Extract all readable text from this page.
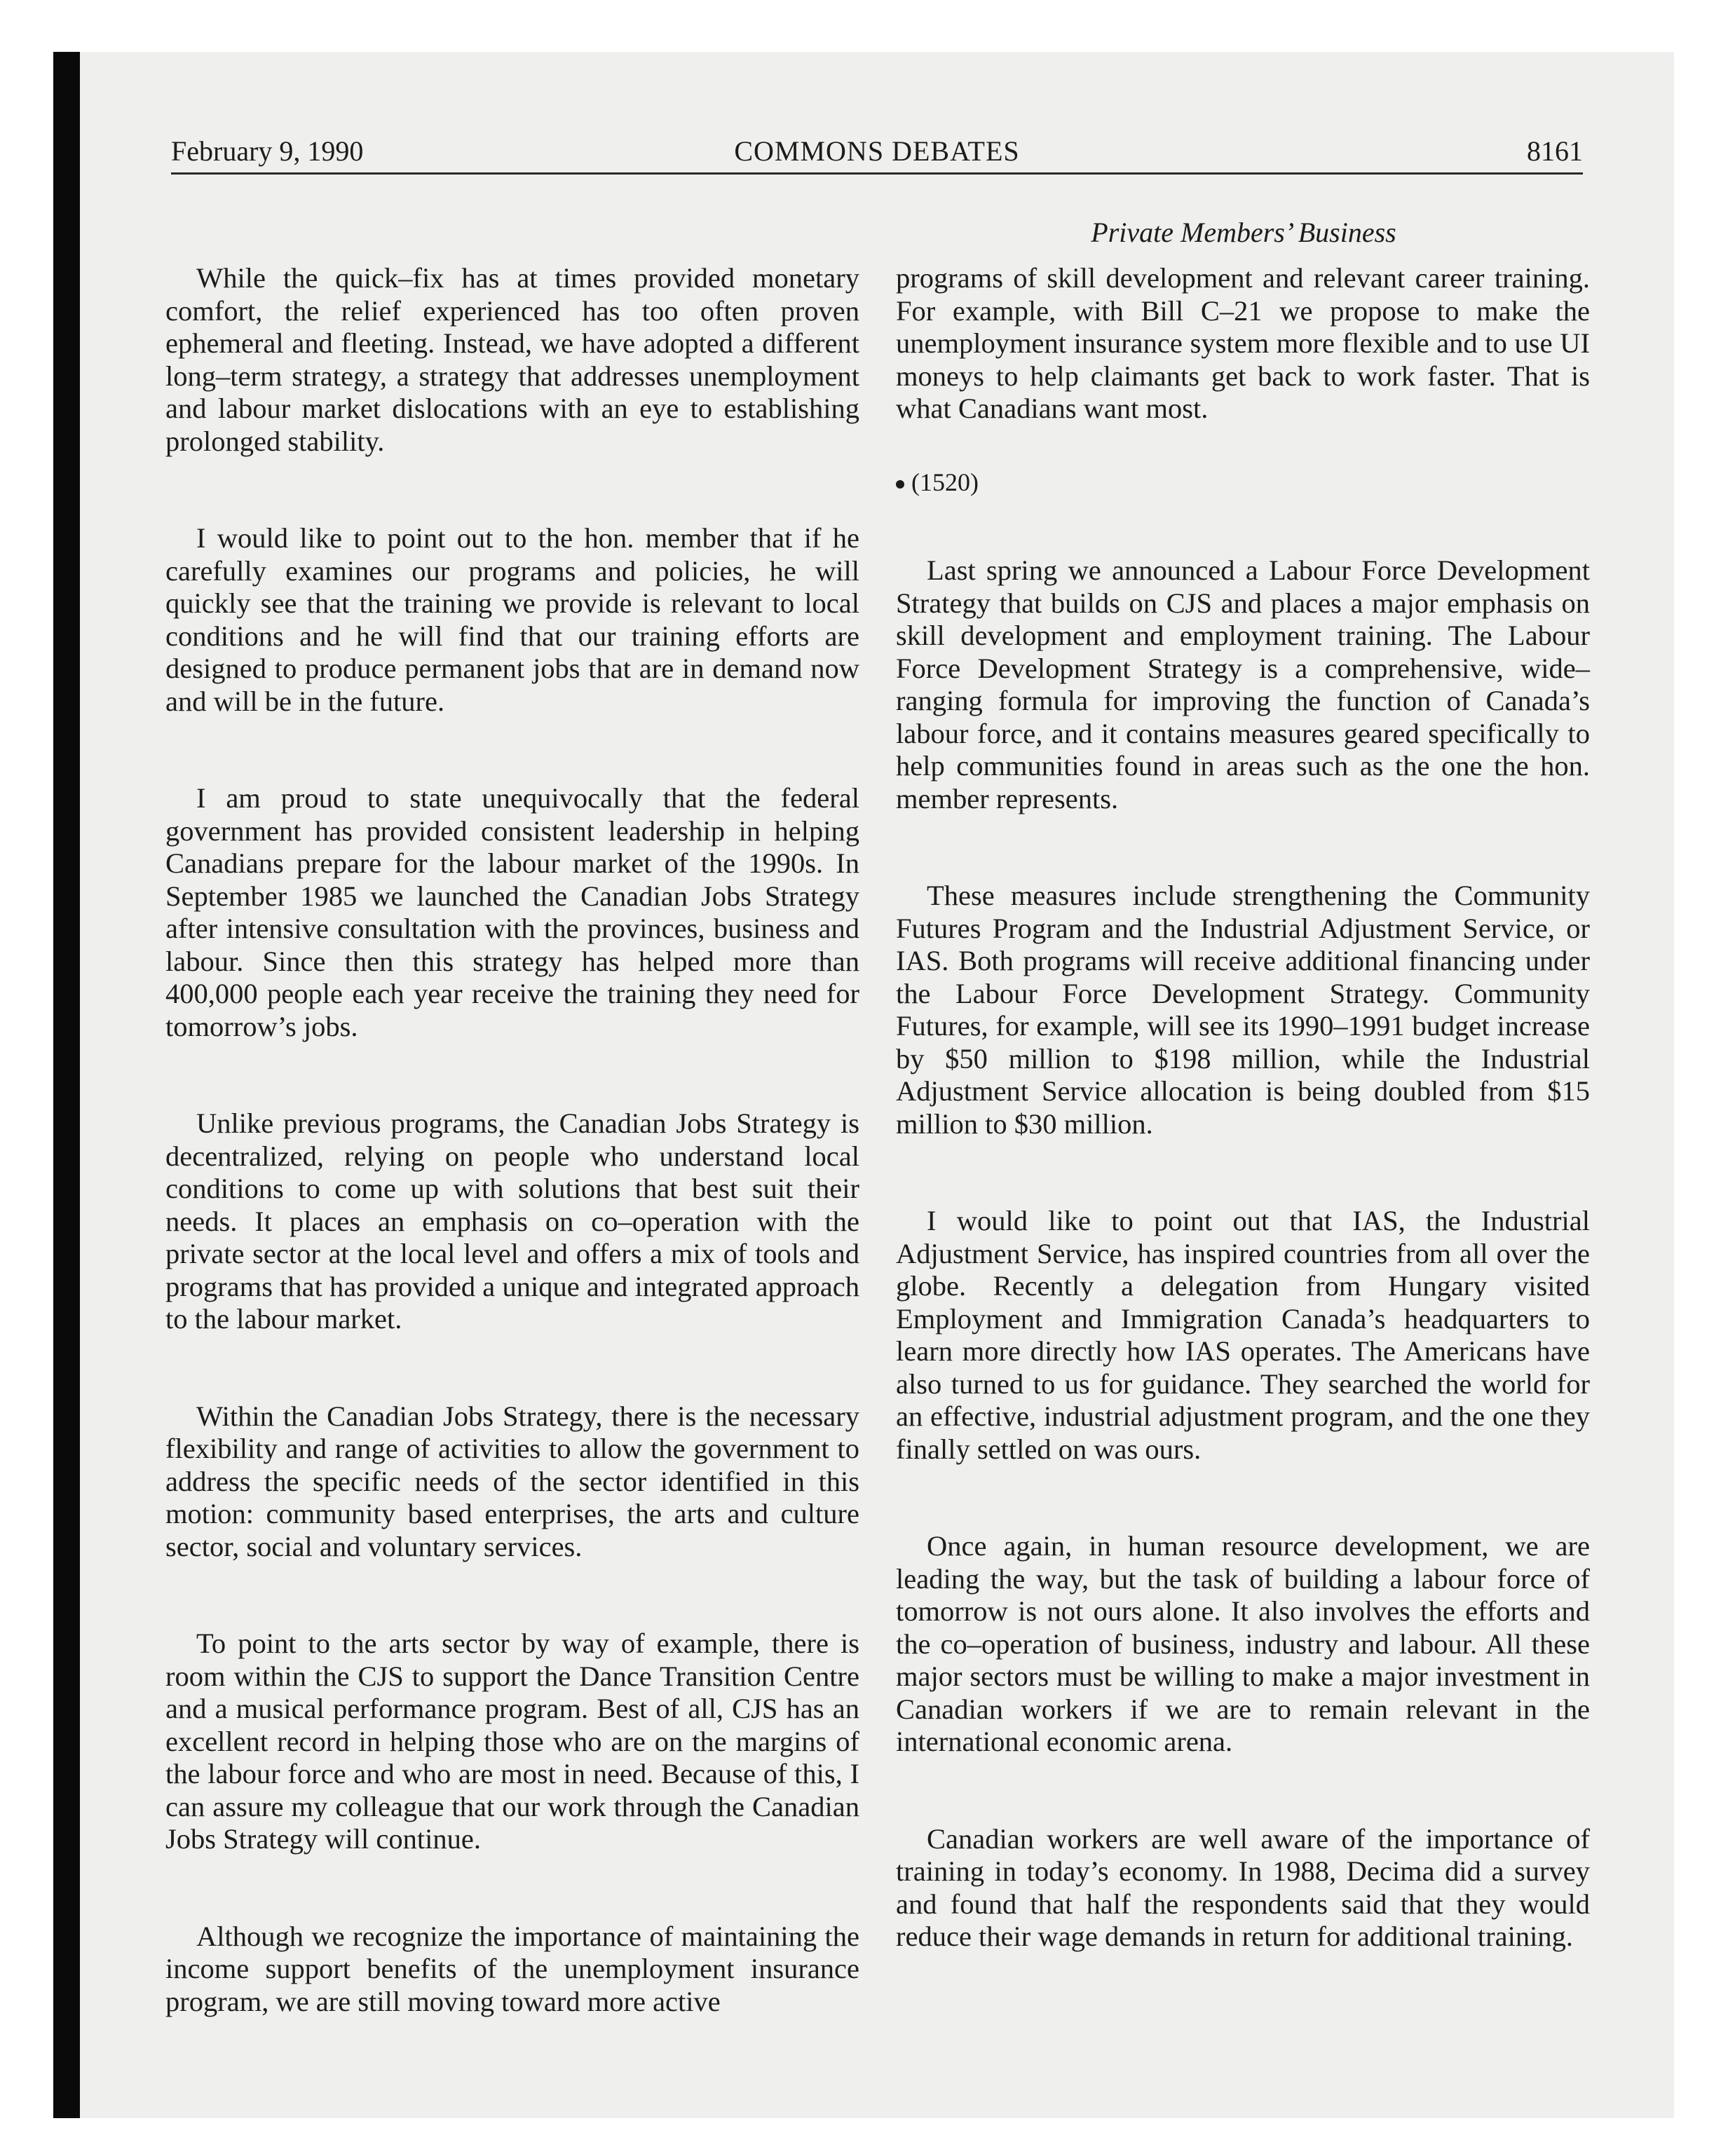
February 9, 1990	COMMONS DEBATES	8161
Private Members’ Business

While the quick–fix has at times provided monetary comfort, the relief experienced has too often proven ephemeral and fleeting. Instead, we have adopted a different long–term strategy, a strategy that addresses unemployment and labour market dislocations with an eye to establishing prolonged stability.

I would like to point out to the hon. member that if he carefully examines our programs and policies, he will quickly see that the training we provide is relevant to local conditions and he will find that our training efforts are designed to produce permanent jobs that are in demand now and will be in the future.

I am proud to state unequivocally that the federal government has provided consistent leadership in helping Canadians prepare for the labour market of the 1990s. In September 1985 we launched the Canadian Jobs Strategy after intensive consultation with the provinces, business and labour. Since then this strategy has helped more than 400,000 people each year receive the training they need for tomorrow’s jobs.

Unlike previous programs, the Canadian Jobs Strategy is decentralized, relying on people who understand local conditions to come up with solutions that best suit their needs. It places an emphasis on co–operation with the private sector at the local level and offers a mix of tools and programs that has provided a unique and integrated approach to the labour market.

Within the Canadian Jobs Strategy, there is the necessary flexibility and range of activities to allow the government to address the specific needs of the sector identified in this motion: community based enterprises, the arts and culture sector, social and voluntary services.

To point to the arts sector by way of example, there is room within the CJS to support the Dance Transition Centre and a musical performance program. Best of all, CJS has an excellent record in helping those who are on the margins of the labour force and who are most in need. Because of this, I can assure my colleague that our work through the Canadian Jobs Strategy will continue.

Although we recognize the importance of maintaining the income support benefits of the unemployment insurance program, we are still moving toward more active

programs of skill development and relevant career training. For example, with Bill C–21 we propose to make the unemployment insurance system more flexible and to use UI moneys to help claimants get back to work faster. That is what Canadians want most.

(1520)

Last spring we announced a Labour Force Development Strategy that builds on CJS and places a major emphasis on skill development and employment training. The Labour Force Development Strategy is a comprehensive, wide–ranging formula for improving the function of Canada’s labour force, and it contains measures geared specifically to help communities found in areas such as the one the hon. member represents.

These measures include strengthening the Community Futures Program and the Industrial Adjustment Service, or IAS. Both programs will receive additional financing under the Labour Force Development Strategy. Community Futures, for example, will see its 1990–1991 budget increase by $50 million to $198 million, while the Industrial Adjustment Service allocation is being doubled from $15 million to $30 million.

I would like to point out that IAS, the Industrial Adjustment Service, has inspired countries from all over the globe. Recently a delegation from Hungary visited Employment and Immigration Canada’s headquarters to learn more directly how IAS operates. The Americans have also turned to us for guidance. They searched the world for an effective, industrial adjustment program, and the one they finally settled on was ours.

Once again, in human resource development, we are leading the way, but the task of building a labour force of tomorrow is not ours alone. It also involves the efforts and the co–operation of business, industry and labour. All these major sectors must be willing to make a major investment in Canadian workers if we are to remain relevant in the international economic arena.

Canadian workers are well aware of the importance of training in today’s economy. In 1988, Decima did a survey and found that half the respondents said that they would reduce their wage demands in return for additional training.
